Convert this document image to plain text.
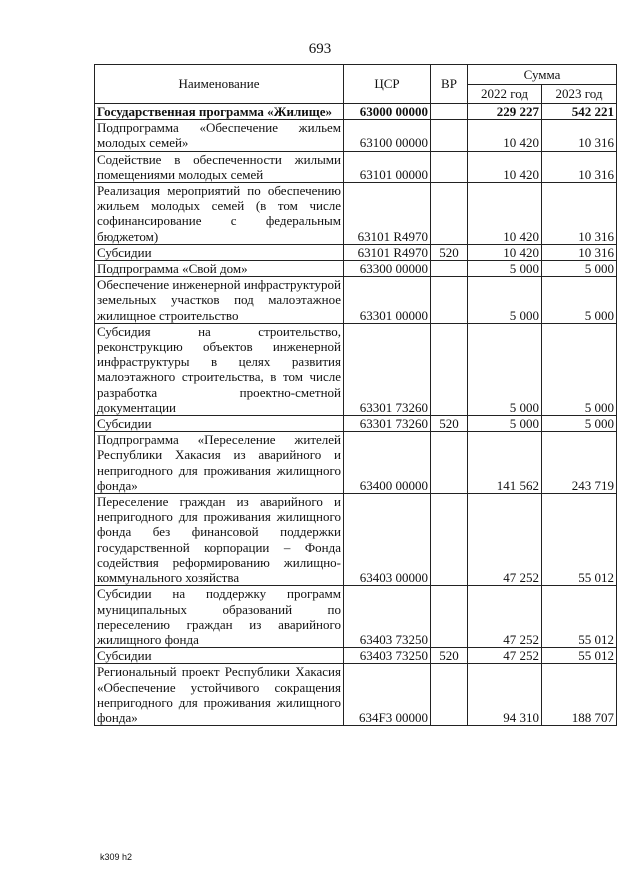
693
Наименование	ЦСР	ВР	Сумма	
			2022 год	2023 год
Государственная программа «Жилище»	63000 00000		229 227	542 221
Подпрограмма «Обеспечение жильем молодых семей»	63100 00000		10 420	10 316
Содействие в обеспеченности жилыми помещениями молодых семей	63101 00000		10 420	10 316
Реализация мероприятий по обеспечению жильем молодых семей (в том числе софинансирование с федеральным бюджетом)	63101 R4970		10 420	10 316
Субсидии	63101 R4970	520	10 420	10 316
Подпрограмма «Свой дом»	63300 00000		5 000	5 000
Обеспечение инженерной инфраструктурой земельных участков под малоэтажное жилищное строительство	63301 00000		5 000	5 000
Субсидия на строительство, реконструкцию объектов инженерной инфраструктуры в целях развития малоэтажного строительства, в том числе разработка проектно-сметной документации	63301 73260		5 000	5 000
Субсидии	63301 73260	520	5 000	5 000
Подпрограмма «Переселение жителей Республики Хакасия из аварийного и непригодного для проживания жилищного фонда»	63400 00000		141 562	243 719
Переселение граждан из аварийного и непригодного для проживания жилищного фонда без финансовой поддержки государственной корпорации – Фонда содействия реформированию жилищно-коммунального хозяйства	63403 00000		47 252	55 012
Субсидии на поддержку программ муниципальных образований по переселению граждан из аварийного жилищного фонда	63403 73250		47 252	55 012
Субсидии	63403 73250	520	47 252	55 012
Региональный проект Республики Хакасия «Обеспечение устойчивого сокращения непригодного для проживания жилищного фонда»	634F3 00000		94 310	188 707
k309 h2
